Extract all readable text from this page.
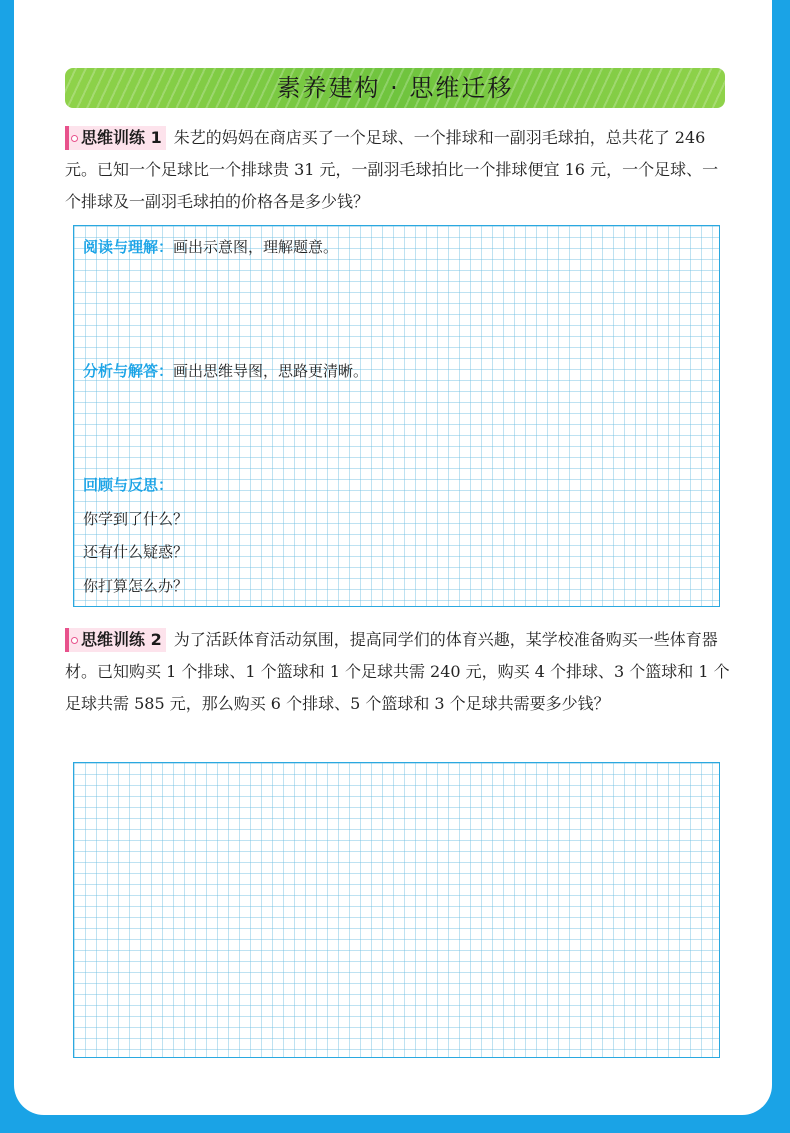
素养建构 · 思维迁移
思维训练 1 朱艺的妈妈在商店买了一个足球、一个排球和一副羽毛球拍，总共花了 246 元。已知一个足球比一个排球贵 31 元，一副羽毛球拍比一个排球便宜 16 元，一个足球、一个排球及一副羽毛球拍的价格各是多少钱？
阅读与理解：画出示意图，理解题意。
分析与解答：画出思维导图，思路更清晰。
回顾与反思：
你学到了什么？
还有什么疑惑？
你打算怎么办？
思维训练 2 为了活跃体育活动氛围，提高同学们的体育兴趣，某学校准备购买一些体育器材。已知购买 1 个排球、1 个篮球和 1 个足球共需 240 元，购买 4 个排球、3 个篮球和 1 个足球共需 585 元，那么购买 6 个排球、5 个篮球和 3 个足球共需要多少钱？
